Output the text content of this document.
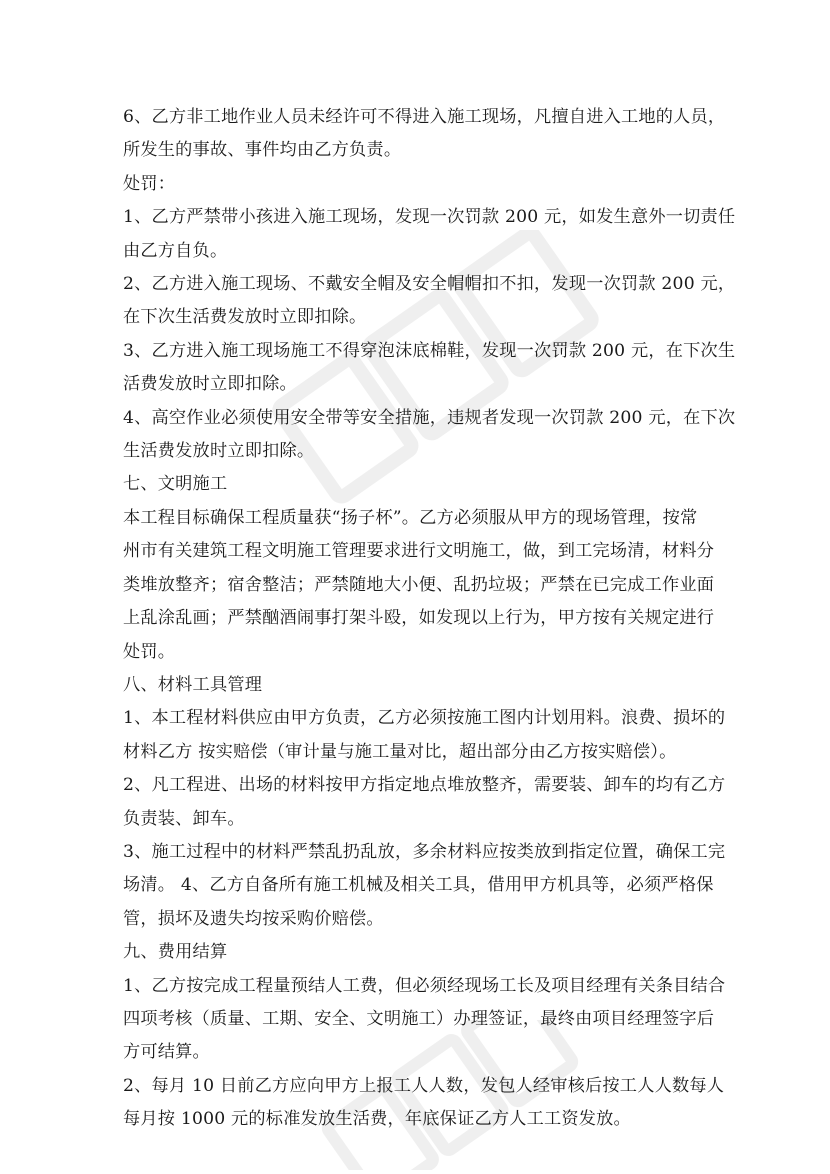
6、乙方非工地作业人员未经许可不得进入施工现场，凡擅自进入工地的人员，

所发生的事故、事件均由乙方负责。

处罚：

1、乙方严禁带小孩进入施工现场，发现一次罚款 200 元，如发生意外一切责任

由乙方自负。

2、乙方进入施工现场、不戴安全帽及安全帽帽扣不扣，发现一次罚款 200 元，

在下次生活费发放时立即扣除。

3、乙方进入施工现场施工不得穿泡沫底棉鞋，发现一次罚款 200 元，在下次生

活费发放时立即扣除。

4、高空作业必须使用安全带等安全措施，违规者发现一次罚款 200 元，在下次

生活费发放时立即扣除。

七、文明施工

本工程目标确保工程质量获“扬子杯”。乙方必须服从甲方的现场管理，按常

州市有关建筑工程文明施工管理要求进行文明施工，做，到工完场清，材料分

类堆放整齐；宿舍整洁；严禁随地大小便、乱扔垃圾；严禁在已完成工作业面

上乱涂乱画；严禁酗酒闹事打架斗殴，如发现以上行为，甲方按有关规定进行

处罚。

八、材料工具管理

1、本工程材料供应由甲方负责，乙方必须按施工图内计划用料。浪费、损坏的

材料乙方 按实赔偿（审计量与施工量对比，超出部分由乙方按实赔偿）。

2、凡工程进、出场的材料按甲方指定地点堆放整齐，需要装、卸车的均有乙方

负责装、卸车。

3、施工过程中的材料严禁乱扔乱放，多余材料应按类放到指定位置，确保工完

场清。 4、乙方自备所有施工机械及相关工具，借用甲方机具等，必须严格保

管，损坏及遗失均按采购价赔偿。

九、费用结算

1、乙方按完成工程量预结人工费，但必须经现场工长及项目经理有关条目结合

四项考核（质量、工期、安全、文明施工）办理签证，最终由项目经理签字后

方可结算。

2、每月 10 日前乙方应向甲方上报工人人数，发包人经审核后按工人人数每人

每月按 1000 元的标准发放生活费，年底保证乙方人工工资发放。
